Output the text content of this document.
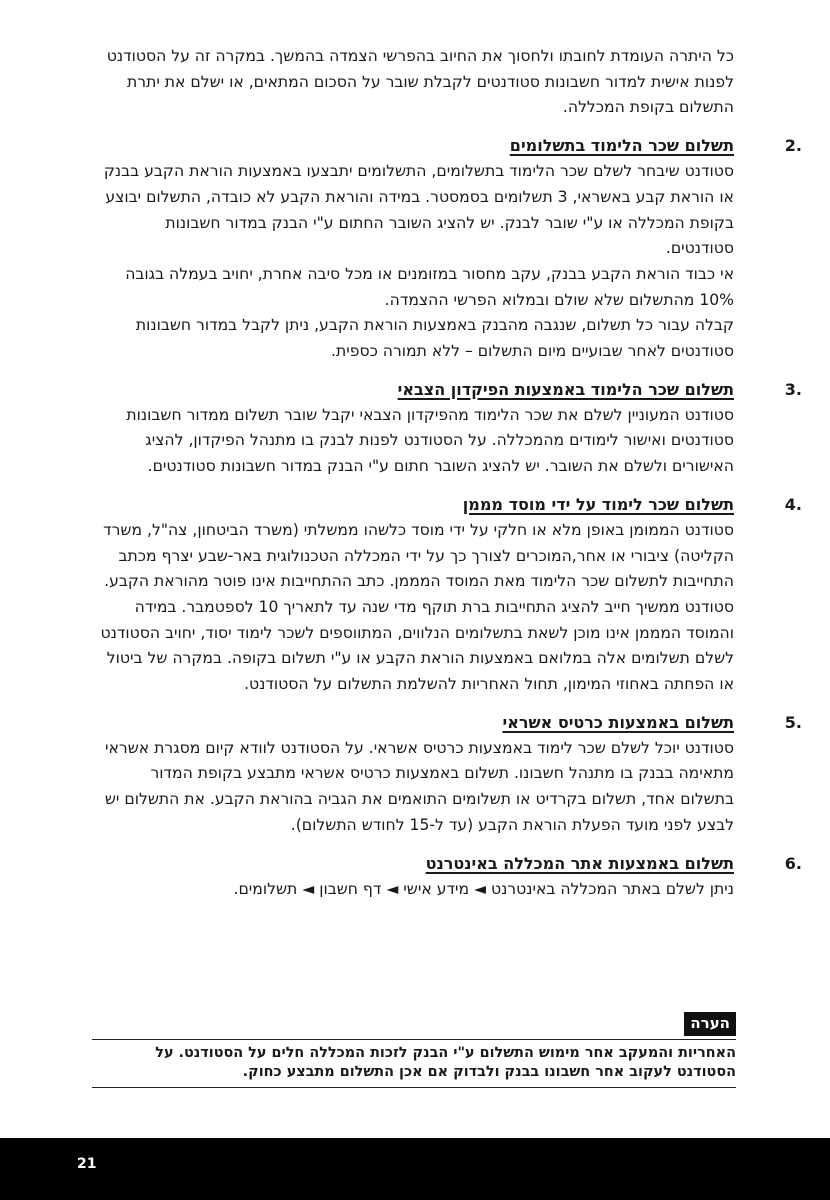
כל היתרה העומדת לחובתו ולחסוך את החיוב בהפרשי הצמדה בהמשך. במקרה זה על הסטודנט לפנות אישית למדור חשבונות סטודנטים לקבלת שובר על הסכום המתאים, או ישלם את יתרת התשלום בקופת המכללה.

.2
תשלום שכר הלימוד בתשלומים

סטודנט שיבחר לשלם שכר הלימוד בתשלומים, התשלומים יתבצעו באמצעות הוראת הקבע בבנק או הוראת קבע באשראי, 3 תשלומים בסמסטר. במידה והוראת הקבע לא כובדה, התשלום יבוצע בקופת המכללה או ע"י שובר לבנק. יש להציג השובר החתום ע"י הבנק במדור חשבונות סטודנטים.

אי כבוד הוראת הקבע בבנק, עקב מחסור במזומנים או מכל סיבה אחרת, יחויב בעמלה בגובה 10% מהתשלום שלא שולם ובמלוא הפרשי ההצמדה.

קבלה עבור כל תשלום, שנגבה מהבנק באמצעות הוראת הקבע, ניתן לקבל במדור חשבונות סטודנטים לאחר שבועיים מיום התשלום – ללא תמורה כספית.

.3
תשלום שכר הלימוד באמצעות הפיקדון הצבאי

סטודנט המעוניין לשלם את שכר הלימוד מהפיקדון הצבאי יקבל שובר תשלום ממדור חשבונות סטודנטים ואישור לימודים מהמכללה. על הסטודנט לפנות לבנק בו מתנהל הפיקדון, להציג האישורים ולשלם את השובר. יש להציג השובר חתום ע"י הבנק במדור חשבונות סטודנטים.

.4
תשלום שכר לימוד על ידי מוסד מממן

סטודנט הממומן באופן מלא או חלקי על ידי מוסד כלשהו ממשלתי (משרד הביטחון, צה"ל, משרד הקליטה) ציבורי או אחר,המוכרים לצורך כך על ידי המכללה הטכנולוגית באר-שבע יצרף מכתב התחייבות לתשלום שכר הלימוד מאת המוסד המממן. כתב ההתחייבות אינו פוטר מהוראת הקבע. סטודנט ממשיך חייב להציג התחייבות ברת תוקף מדי שנה עד לתאריך 10 לספטמבר. במידה והמוסד המממן אינו מוכן לשאת בתשלומים הנלווים, המתווספים לשכר לימוד יסוד, יחויב הסטודנט לשלם תשלומים אלה במלואם באמצעות הוראת הקבע או ע"י תשלום בקופה. במקרה של ביטול או הפחתה באחוזי המימון, תחול האחריות להשלמת התשלום על הסטודנט.

.5
תשלום באמצעות כרטיס אשראי

סטודנט יוכל לשלם שכר לימוד באמצעות כרטיס אשראי. על הסטודנט לוודא קיום מסגרת אשראי מתאימה בבנק בו מתנהל חשבונו. תשלום באמצעות כרטיס אשראי מתבצע בקופת המדור בתשלום אחד, תשלום בקרדיט או תשלומים התואמים את הגביה בהוראת הקבע. את התשלום יש לבצע לפני מועד הפעלת הוראת הקבע (עד ל-15 לחודש התשלום).

.6
תשלום באמצעות אתר המכללה באינטרנט

ניתן לשלם באתר המכללה באינטרנט ◄ מידע אישי ◄ דף חשבון ◄ תשלומים.

הערה

האחריות והמעקב אחר מימוש התשלום ע"י הבנק לזכות המכללה חלים על הסטודנט. על הסטודנט לעקוב אחר חשבונו בבנק ולבדוק אם אכן התשלום מתבצע כחוק.

21
